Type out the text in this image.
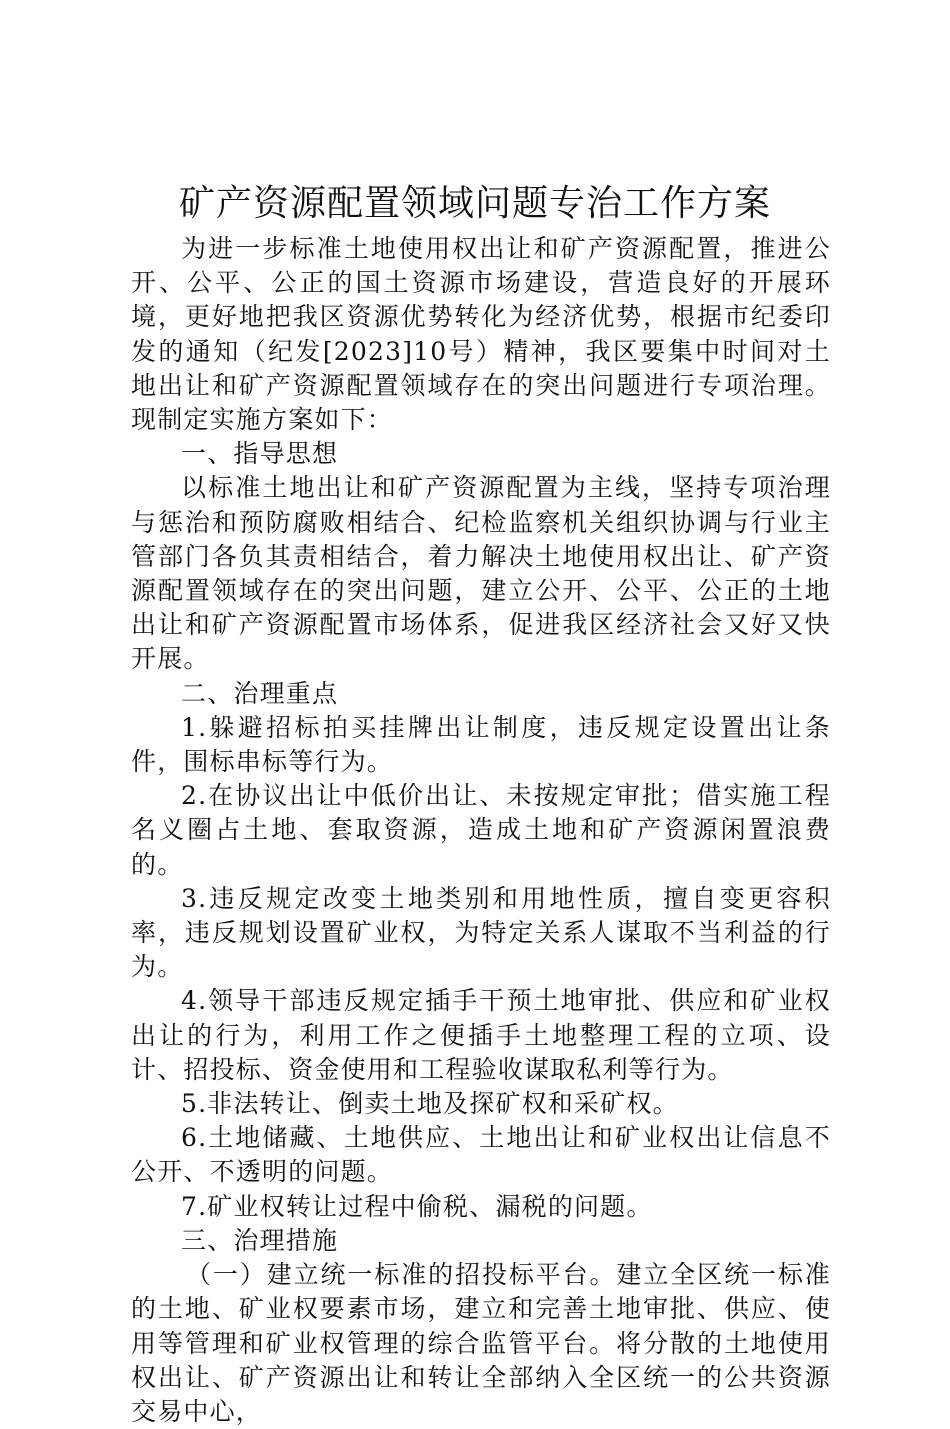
矿产资源配置领域问题专治工作方案

为进一步标准土地使用权出让和矿产资源配置，推进公开、公平、公正的国土资源市场建设，营造良好的开展环境，更好地把我区资源优势转化为经济优势，根据市纪委印发的通知（纪发[2023]10号）精神，我区要集中时间对土地出让和矿产资源配置领域存在的突出问题进行专项治理。现制定实施方案如下：

一、指导思想

以标准土地出让和矿产资源配置为主线，坚持专项治理与惩治和预防腐败相结合、纪检监察机关组织协调与行业主管部门各负其责相结合，着力解决土地使用权出让、矿产资源配置领域存在的突出问题，建立公开、公平、公正的土地出让和矿产资源配置市场体系，促进我区经济社会又好又快开展。

二、治理重点

1.躲避招标拍买挂牌出让制度，违反规定设置出让条件，围标串标等行为。

2.在协议出让中低价出让、未按规定审批；借实施工程名义圈占土地、套取资源，造成土地和矿产资源闲置浪费的。

3.违反规定改变土地类别和用地性质，擅自变更容积率，违反规划设置矿业权，为特定关系人谋取不当利益的行为。

4.领导干部违反规定插手干预土地审批、供应和矿业权出让的行为，利用工作之便插手土地整理工程的立项、设计、招投标、资金使用和工程验收谋取私利等行为。

5.非法转让、倒卖土地及探矿权和采矿权。

6.土地储藏、土地供应、土地出让和矿业权出让信息不公开、不透明的问题。

7.矿业权转让过程中偷税、漏税的问题。

三、治理措施

（一）建立统一标准的招投标平台。建立全区统一标准的土地、矿业权要素市场，建立和完善土地审批、供应、使用等管理和矿业权管理的综合监管平台。将分散的土地使用权出让、矿产资源出让和转让全部纳入全区统一的公共资源交易中心，
